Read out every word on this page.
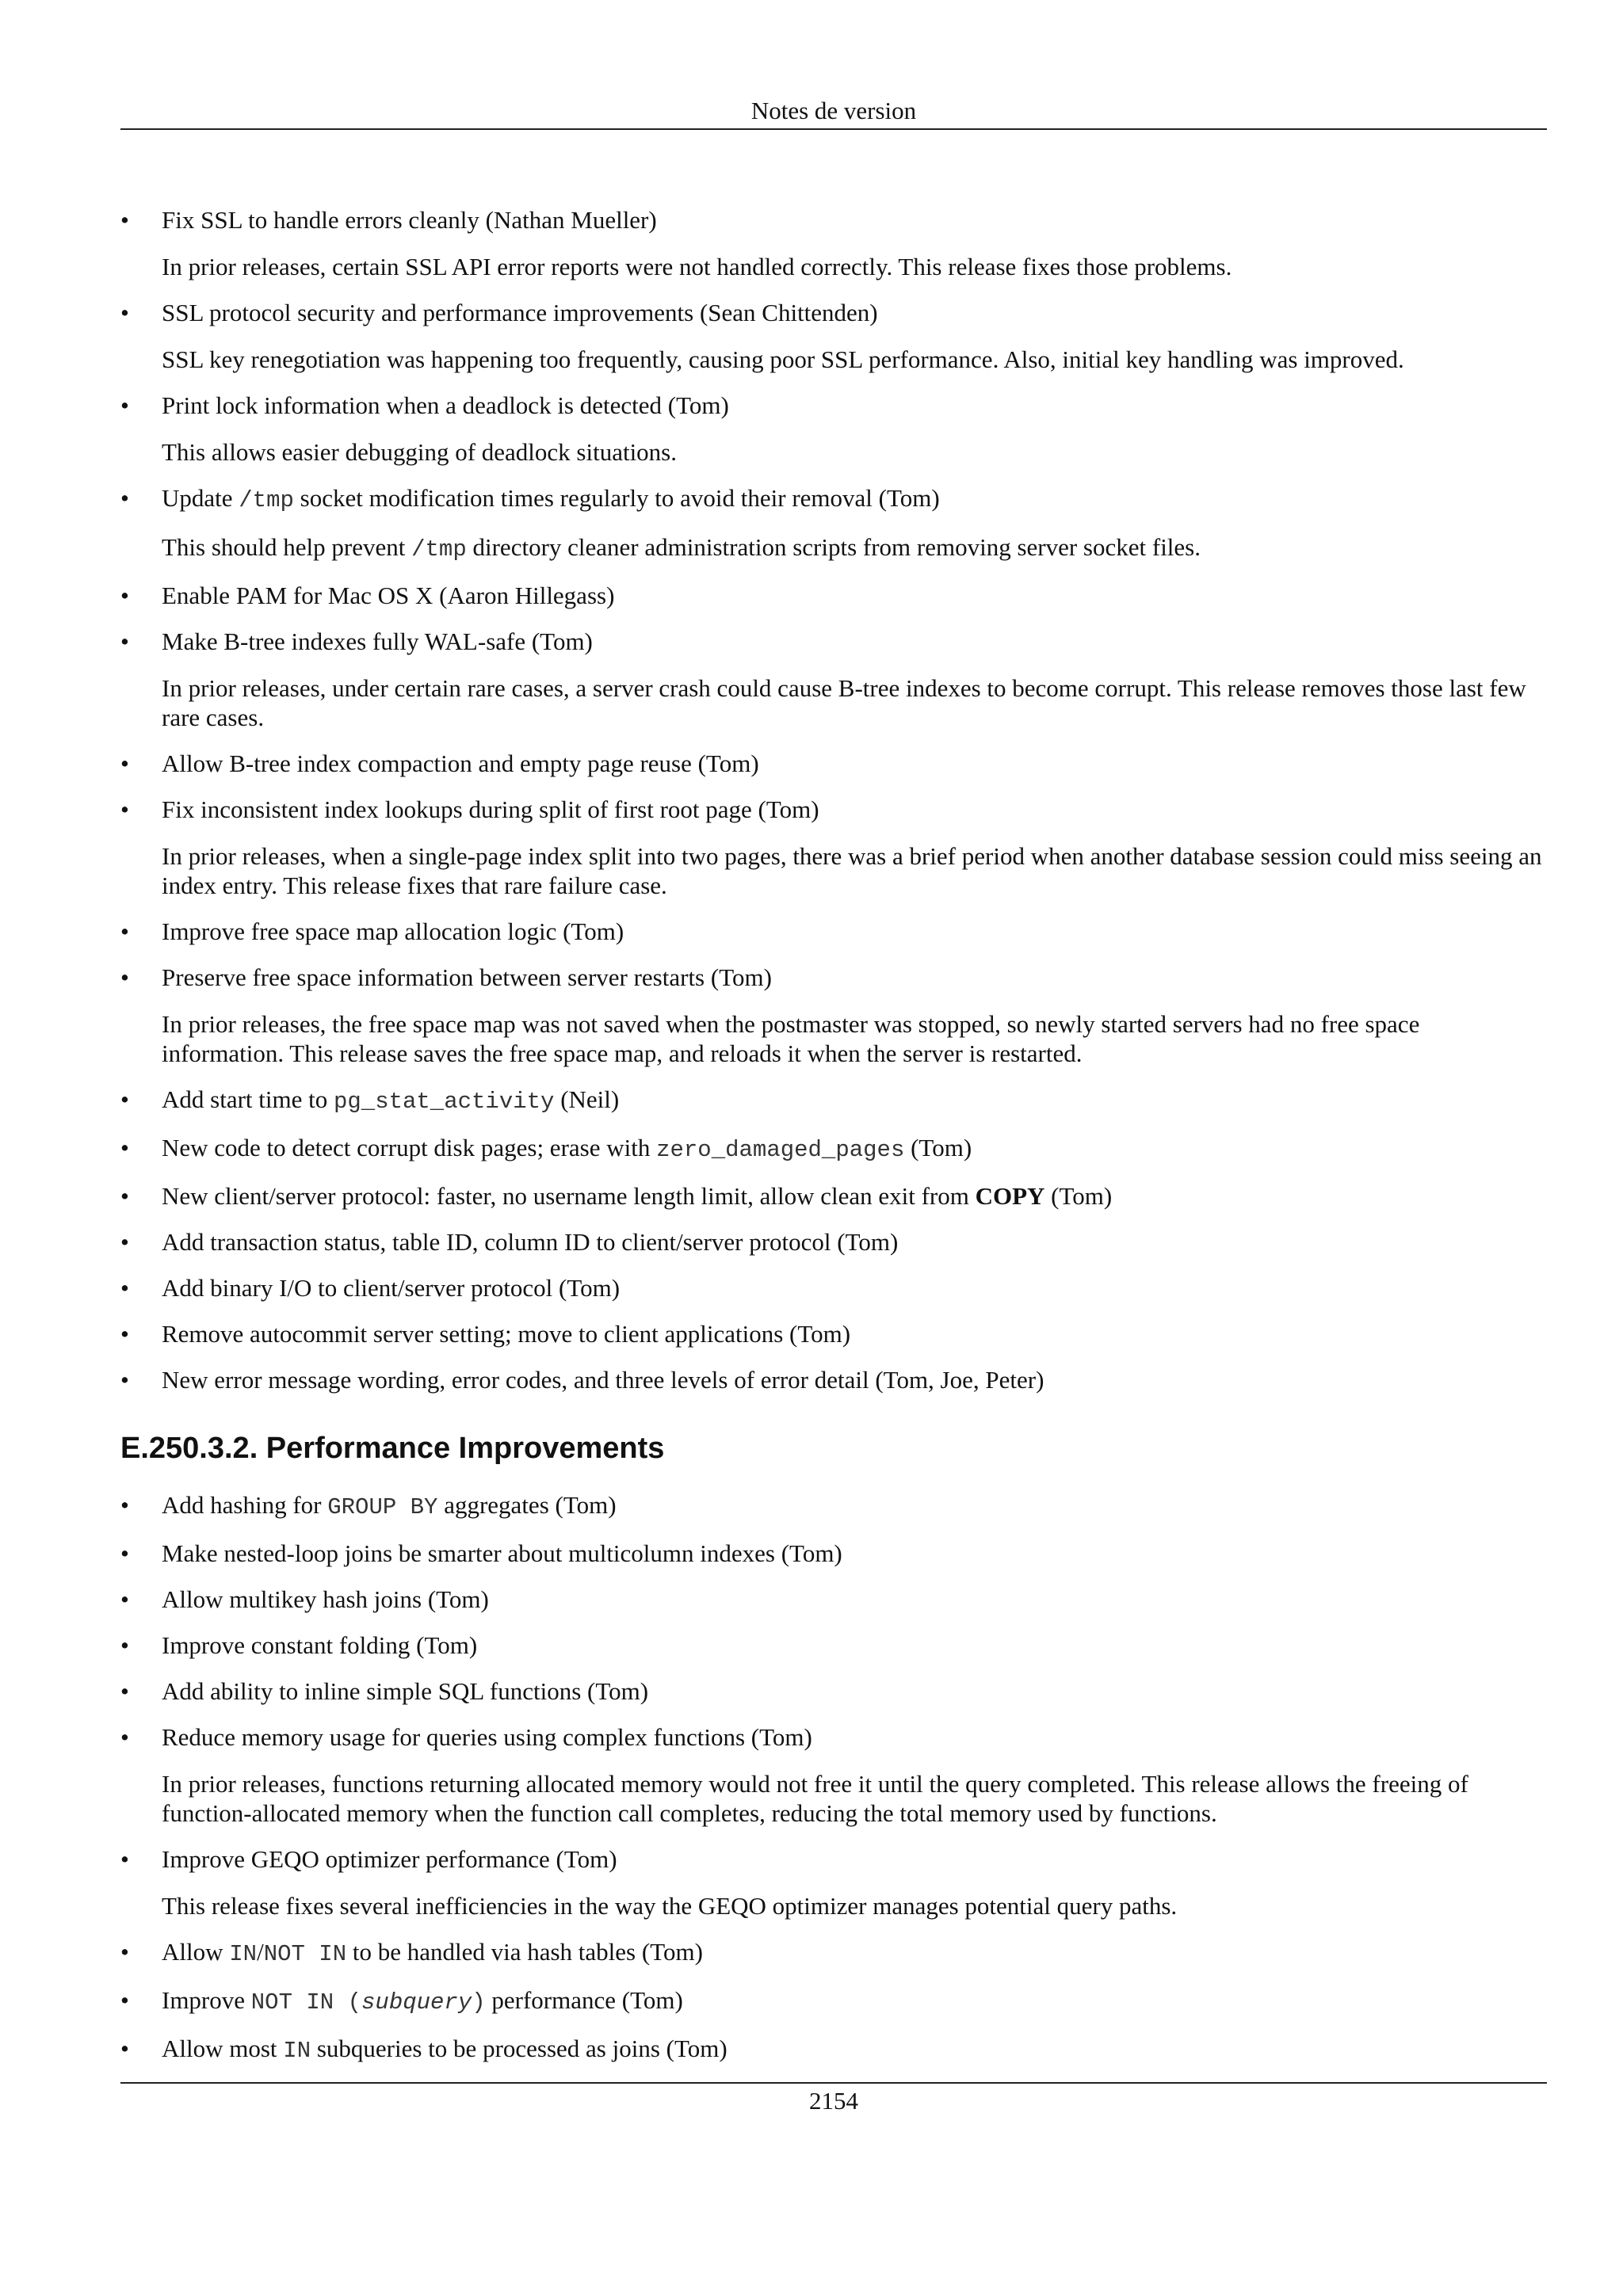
Notes de version
• Fix SSL to handle errors cleanly (Nathan Mueller)
In prior releases, certain SSL API error reports were not handled correctly. This release fixes those problems.
• SSL protocol security and performance improvements (Sean Chittenden)
SSL key renegotiation was happening too frequently, causing poor SSL performance. Also, initial key handling was improved.
• Print lock information when a deadlock is detected (Tom)
This allows easier debugging of deadlock situations.
• Update /tmp socket modification times regularly to avoid their removal (Tom)
This should help prevent /tmp directory cleaner administration scripts from removing server socket files.
• Enable PAM for Mac OS X (Aaron Hillegass)
• Make B-tree indexes fully WAL-safe (Tom)
In prior releases, under certain rare cases, a server crash could cause B-tree indexes to become corrupt. This release removes those last few rare cases.
• Allow B-tree index compaction and empty page reuse (Tom)
• Fix inconsistent index lookups during split of first root page (Tom)
In prior releases, when a single-page index split into two pages, there was a brief period when another database session could miss seeing an index entry. This release fixes that rare failure case.
• Improve free space map allocation logic (Tom)
• Preserve free space information between server restarts (Tom)
In prior releases, the free space map was not saved when the postmaster was stopped, so newly started servers had no free space information. This release saves the free space map, and reloads it when the server is restarted.
• Add start time to pg_stat_activity (Neil)
• New code to detect corrupt disk pages; erase with zero_damaged_pages (Tom)
• New client/server protocol: faster, no username length limit, allow clean exit from COPY (Tom)
• Add transaction status, table ID, column ID to client/server protocol (Tom)
• Add binary I/O to client/server protocol (Tom)
• Remove autocommit server setting; move to client applications (Tom)
• New error message wording, error codes, and three levels of error detail (Tom, Joe, Peter)
E.250.3.2. Performance Improvements
• Add hashing for GROUP BY aggregates (Tom)
• Make nested-loop joins be smarter about multicolumn indexes (Tom)
• Allow multikey hash joins (Tom)
• Improve constant folding (Tom)
• Add ability to inline simple SQL functions (Tom)
• Reduce memory usage for queries using complex functions (Tom)
In prior releases, functions returning allocated memory would not free it until the query completed. This release allows the freeing of function-allocated memory when the function call completes, reducing the total memory used by functions.
• Improve GEQO optimizer performance (Tom)
This release fixes several inefficiencies in the way the GEQO optimizer manages potential query paths.
• Allow IN/NOT IN to be handled via hash tables (Tom)
• Improve NOT IN (subquery) performance (Tom)
• Allow most IN subqueries to be processed as joins (Tom)
2154
